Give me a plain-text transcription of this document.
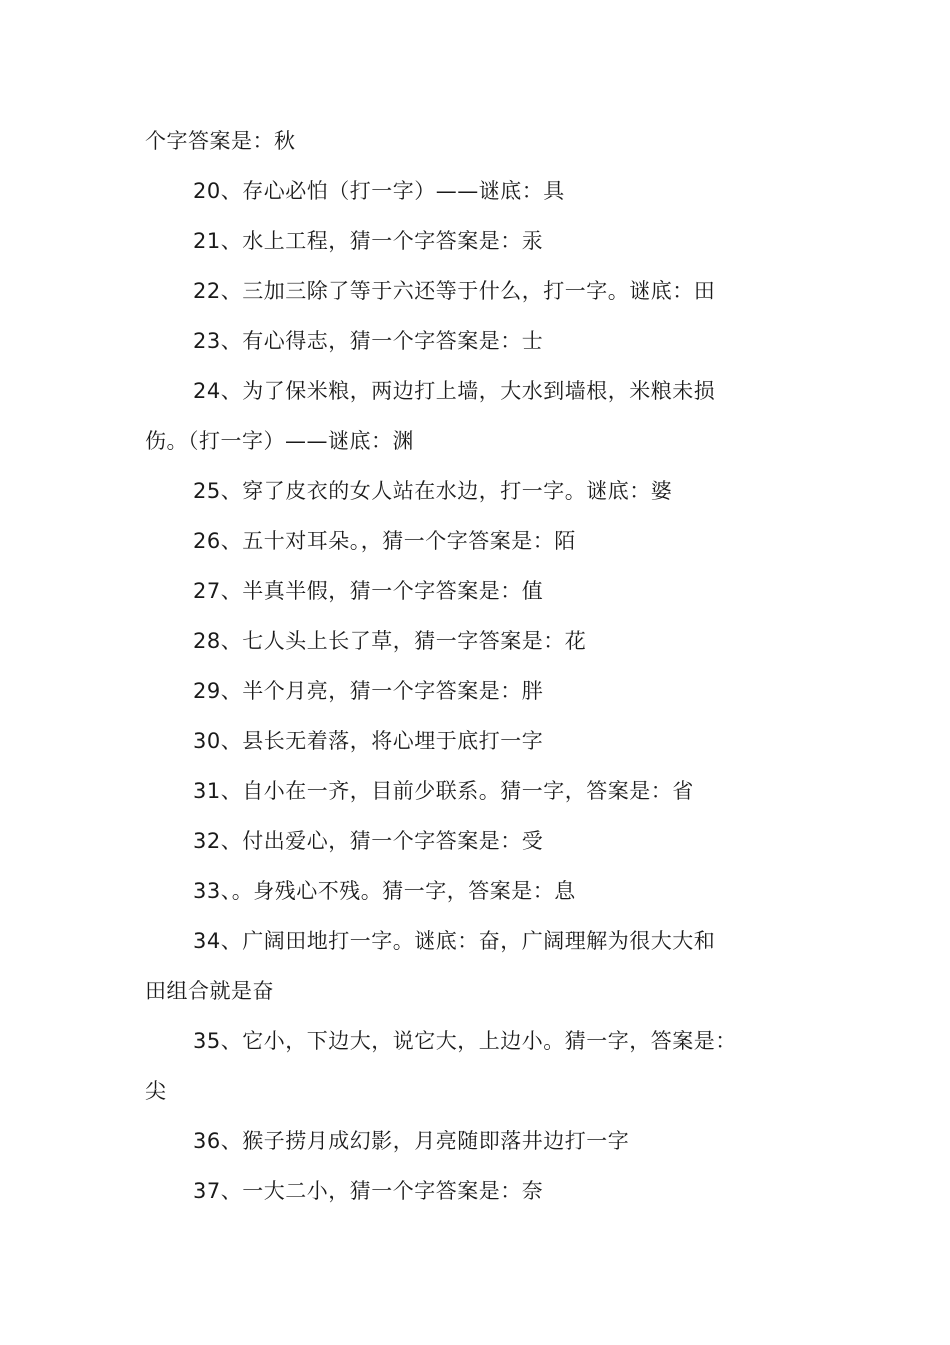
个字答案是：秋
20、存心必怕（打一字）——谜底：具
21、水上工程，猜一个字答案是：汞
22、三加三除了等于六还等于什么，打一字。谜底：田
23、有心得志，猜一个字答案是：士
24、为了保米粮，两边打上墙，大水到墙根，米粮未损
伤。（打一字）——谜底：渊
25、穿了皮衣的女人站在水边，打一字。谜底：婆
26、五十对耳朵。，猜一个字答案是：陌
27、半真半假，猜一个字答案是：值
28、七人头上长了草，猜一字答案是：花
29、半个月亮，猜一个字答案是：胖
30、县长无着落，将心埋于底打一字
31、自小在一齐，目前少联系。猜一字，答案是：省
32、付出爱心，猜一个字答案是：受
33、。身残心不残。猜一字，答案是：息
34、广阔田地打一字。谜底：奋，广阔理解为很大大和
田组合就是奋
35、它小，下边大，说它大，上边小。猜一字，答案是：
尖
36、猴子捞月成幻影，月亮随即落井边打一字
37、一大二小，猜一个字答案是：奈
